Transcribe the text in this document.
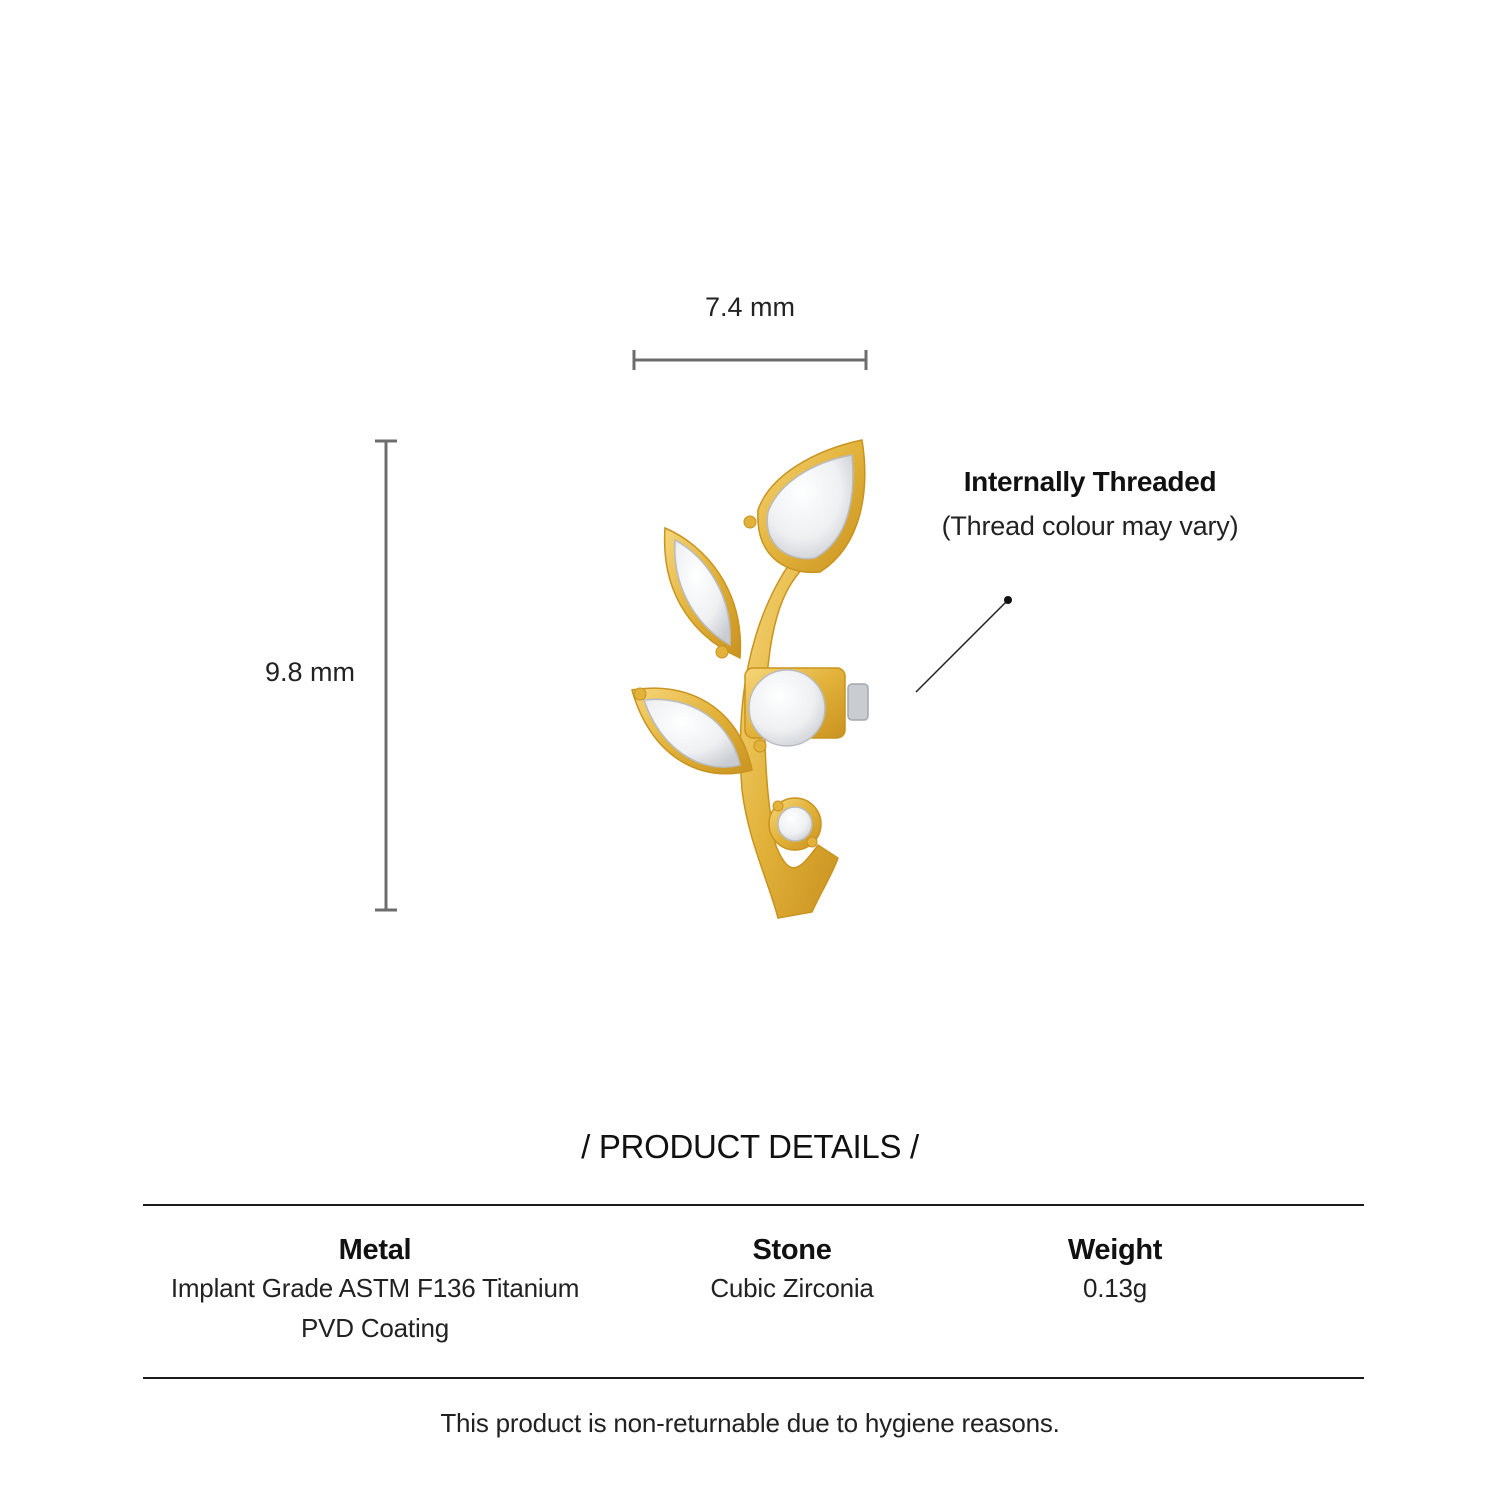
7.4 mm
9.8 mm
Internally Threaded
(Thread colour may vary)
/ PRODUCT DETAILS /
Metal
Implant Grade ASTM F136 Titanium
PVD Coating
Stone
Cubic Zirconia
Weight
0.13g
This product is non-returnable due to hygiene reasons.
